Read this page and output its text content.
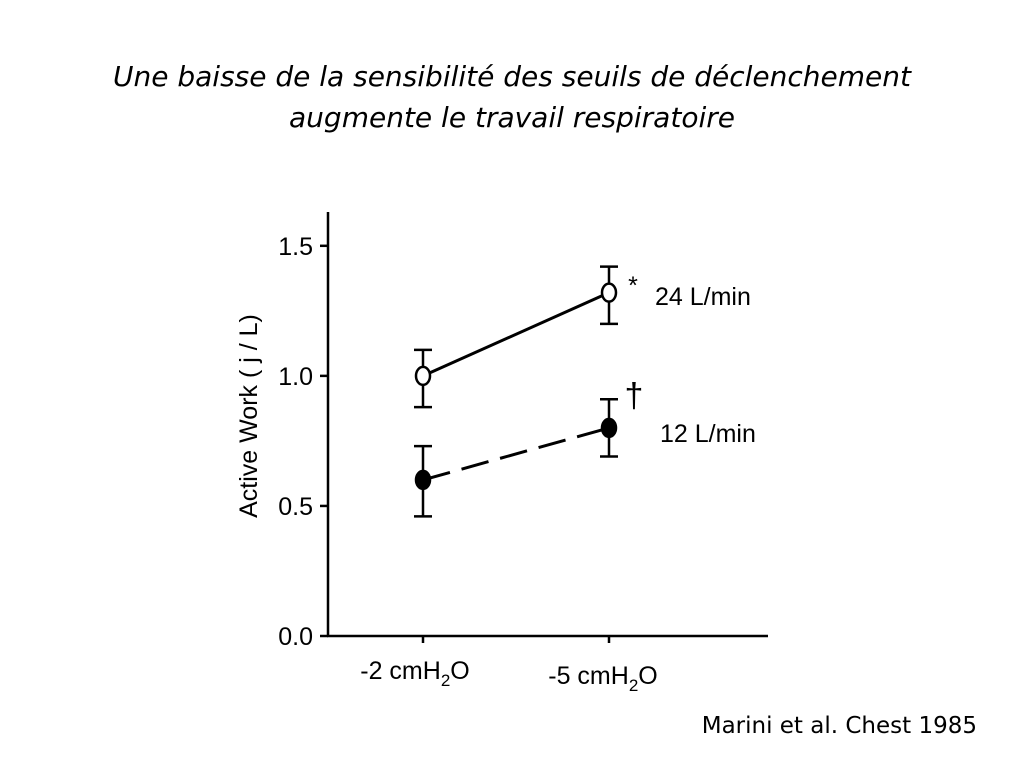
Une baisse de la sensibilité des seuils de déclenchement
augmente le travail respiratoire
Active Work ( j / L)
0.0
0.5
1.0
1.5
-2 cmH$_2$O	-5 cmH$_2$O
* 24 L/min
†
12 L/min
Marini et al. Chest 1985
